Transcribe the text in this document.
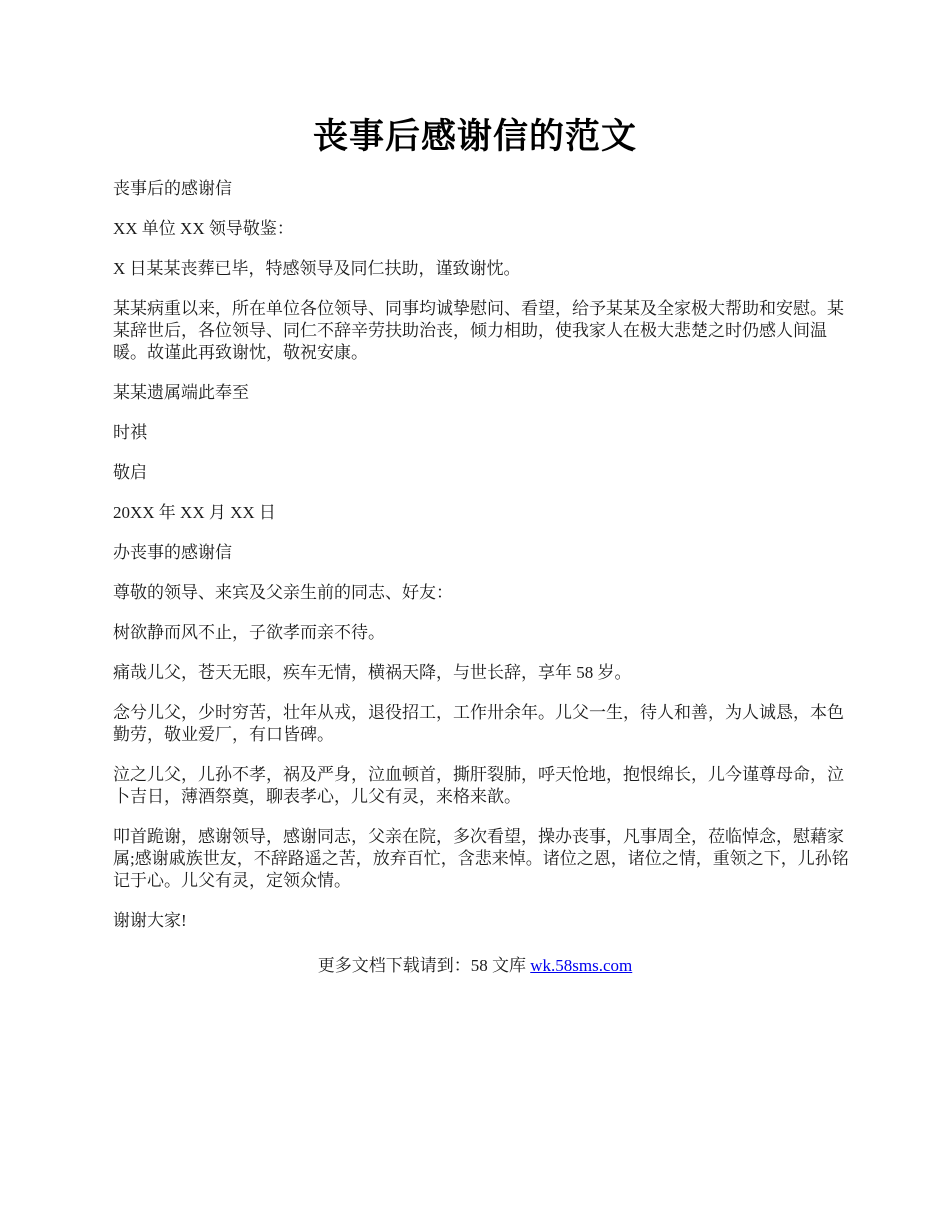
丧事后感谢信的范文

丧事后的感谢信

XX 单位 XX 领导敬鉴：

X 日某某丧葬已毕，特感领导及同仁扶助，谨致谢忱。

某某病重以来，所在单位各位领导、同事均诚挚慰问、看望，给予某某及全家极大帮助和安慰。某某辞世后，各位领导、同仁不辞辛劳扶助治丧，倾力相助，使我家人在极大悲楚之时仍感人间温暖。故谨此再致谢忱，敬祝安康。

某某遗属端此奉至

时祺

敬启

20XX 年 XX 月 XX 日

办丧事的感谢信

尊敬的领导、来宾及父亲生前的同志、好友：

树欲静而风不止，子欲孝而亲不待。

痛哉儿父，苍天无眼，疾车无情，横祸天降，与世长辞，享年 58 岁。

念兮儿父，少时穷苦，壮年从戎，退役招工，工作卅余年。儿父一生，待人和善，为人诚恳，本色勤劳，敬业爱厂，有口皆碑。

泣之儿父，儿孙不孝，祸及严身，泣血顿首，撕肝裂肺，呼天怆地，抱恨绵长，儿今谨尊母命，泣卜吉日，薄酒祭奠，聊表孝心，儿父有灵，来格来歆。

叩首跪谢，感谢领导，感谢同志，父亲在院，多次看望，操办丧事，凡事周全，莅临悼念，慰藉家属;感谢戚族世友，不辞路遥之苦，放弃百忙，含悲来悼。诸位之恩，诸位之情，重领之下，儿孙铭记于心。儿父有灵，定领众情。

谢谢大家!

更多文档下载请到：58 文库 wk.58sms.com
